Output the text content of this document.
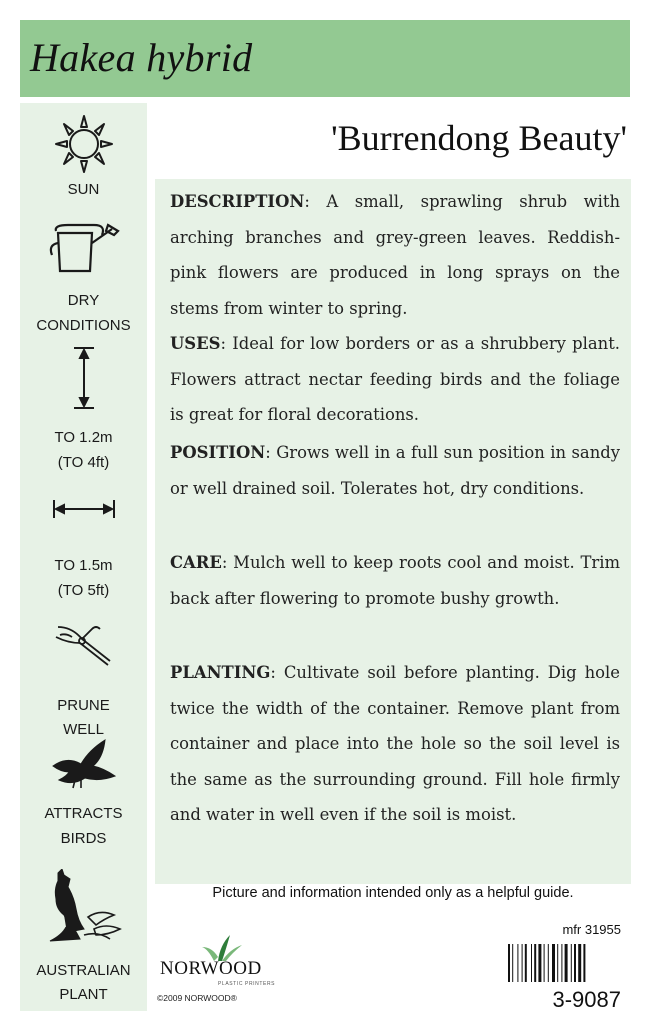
Hakea hybrid
SUN
DRY
CONDITIONS
TO 1.2m
(TO 4ft)
TO 1.5m
(TO 5ft)
PRUNE
WELL
ATTRACTS
BIRDS
AUSTRALIAN
PLANT
'Burrendong Beauty'
DESCRIPTION: A small, sprawling shrub with arching branches and grey-green leaves. Reddish-pink flowers are produced in long sprays on the stems from winter to spring.
USES: Ideal for low borders or as a shrubbery plant. Flowers attract nectar feeding birds and the foliage is great for floral decorations.
POSITION: Grows well in a full sun position in sandy or well drained soil. Tolerates hot, dry conditions.
CARE: Mulch well to keep roots cool and moist. Trim back after flowering to promote bushy growth.
PLANTING: Cultivate soil before planting. Dig hole twice the width of the container. Remove plant from container and place into the hole so the soil level is the same as the surrounding ground. Fill hole firmly and water in well even if the soil is moist.
Picture and information intended only as a helpful guide.
mfr 31955
3-9087
NORWOOD
PLASTIC PRINTERS
©2009 NORWOOD®
